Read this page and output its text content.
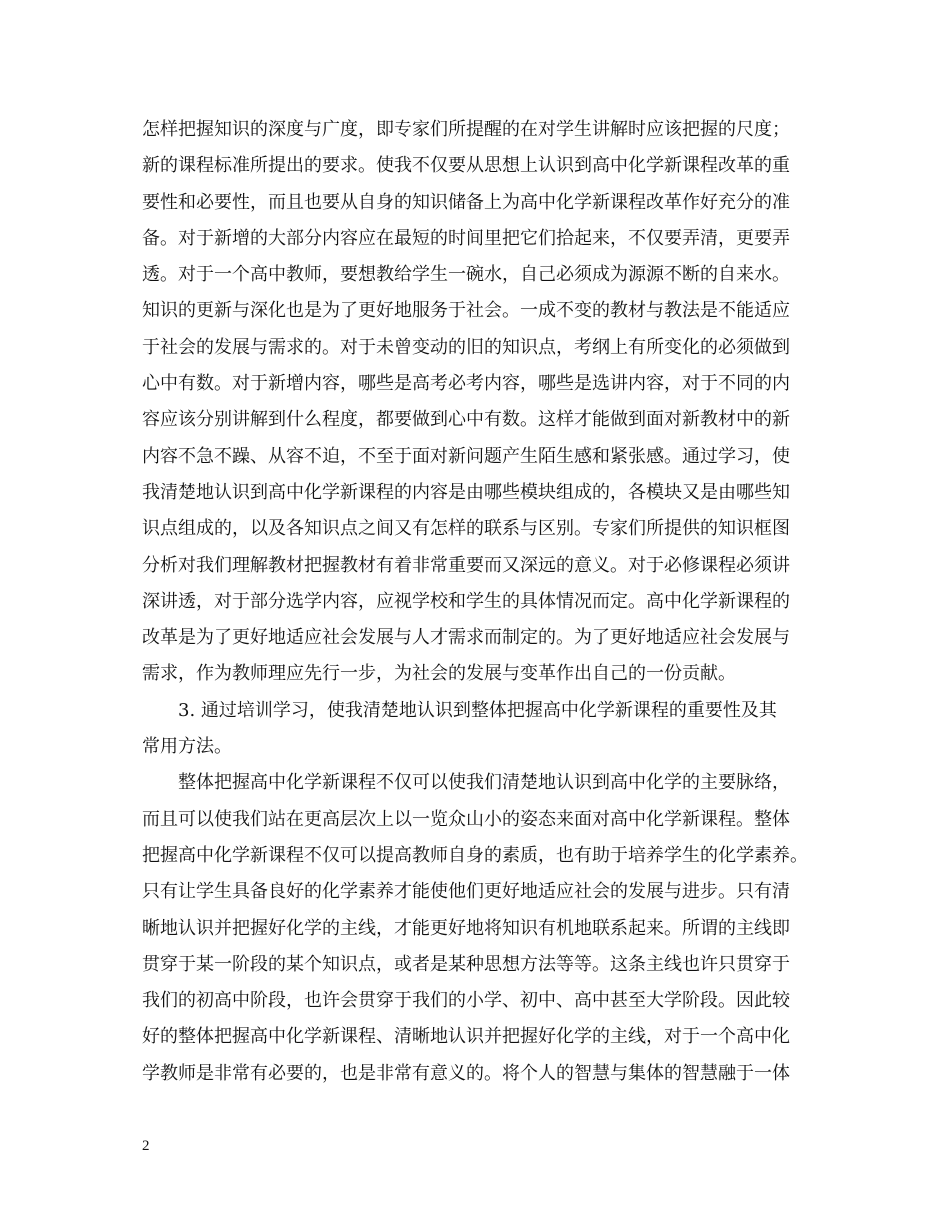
怎样把握知识的深度与广度，即专家们所提醒的在对学生讲解时应该把握的尺度；
新的课程标准所提出的要求。使我不仅要从思想上认识到高中化学新课程改革的重
要性和必要性，而且也要从自身的知识储备上为高中化学新课程改革作好充分的准
备。对于新增的大部分内容应在最短的时间里把它们拾起来，不仅要弄清，更要弄
透。对于一个高中教师，要想教给学生一碗水，自己必须成为源源不断的自来水。
知识的更新与深化也是为了更好地服务于社会。一成不变的教材与教法是不能适应
于社会的发展与需求的。对于未曾变动的旧的知识点，考纲上有所变化的必须做到
心中有数。对于新增内容，哪些是高考必考内容，哪些是选讲内容，对于不同的内
容应该分别讲解到什么程度，都要做到心中有数。这样才能做到面对新教材中的新
内容不急不躁、从容不迫，不至于面对新问题产生陌生感和紧张感。通过学习，使
我清楚地认识到高中化学新课程的内容是由哪些模块组成的，各模块又是由哪些知
识点组成的，以及各知识点之间又有怎样的联系与区别。专家们所提供的知识框图
分析对我们理解教材把握教材有着非常重要而又深远的意义。对于必修课程必须讲
深讲透，对于部分选学内容，应视学校和学生的具体情况而定。高中化学新课程的
改革是为了更好地适应社会发展与人才需求而制定的。为了更好地适应社会发展与
需求，作为教师理应先行一步，为社会的发展与变革作出自己的一份贡献。
3. 通过培训学习，使我清楚地认识到整体把握高中化学新课程的重要性及其
常用方法。
整体把握高中化学新课程不仅可以使我们清楚地认识到高中化学的主要脉络，
而且可以使我们站在更高层次上以一览众山小的姿态来面对高中化学新课程。整体
把握高中化学新课程不仅可以提高教师自身的素质，也有助于培养学生的化学素养。
只有让学生具备良好的化学素养才能使他们更好地适应社会的发展与进步。只有清
晰地认识并把握好化学的主线，才能更好地将知识有机地联系起来。所谓的主线即
贯穿于某一阶段的某个知识点，或者是某种思想方法等等。这条主线也许只贯穿于
我们的初高中阶段，也许会贯穿于我们的小学、初中、高中甚至大学阶段。因此较
好的整体把握高中化学新课程、清晰地认识并把握好化学的主线，对于一个高中化
学教师是非常有必要的，也是非常有意义的。将个人的智慧与集体的智慧融于一体
2
